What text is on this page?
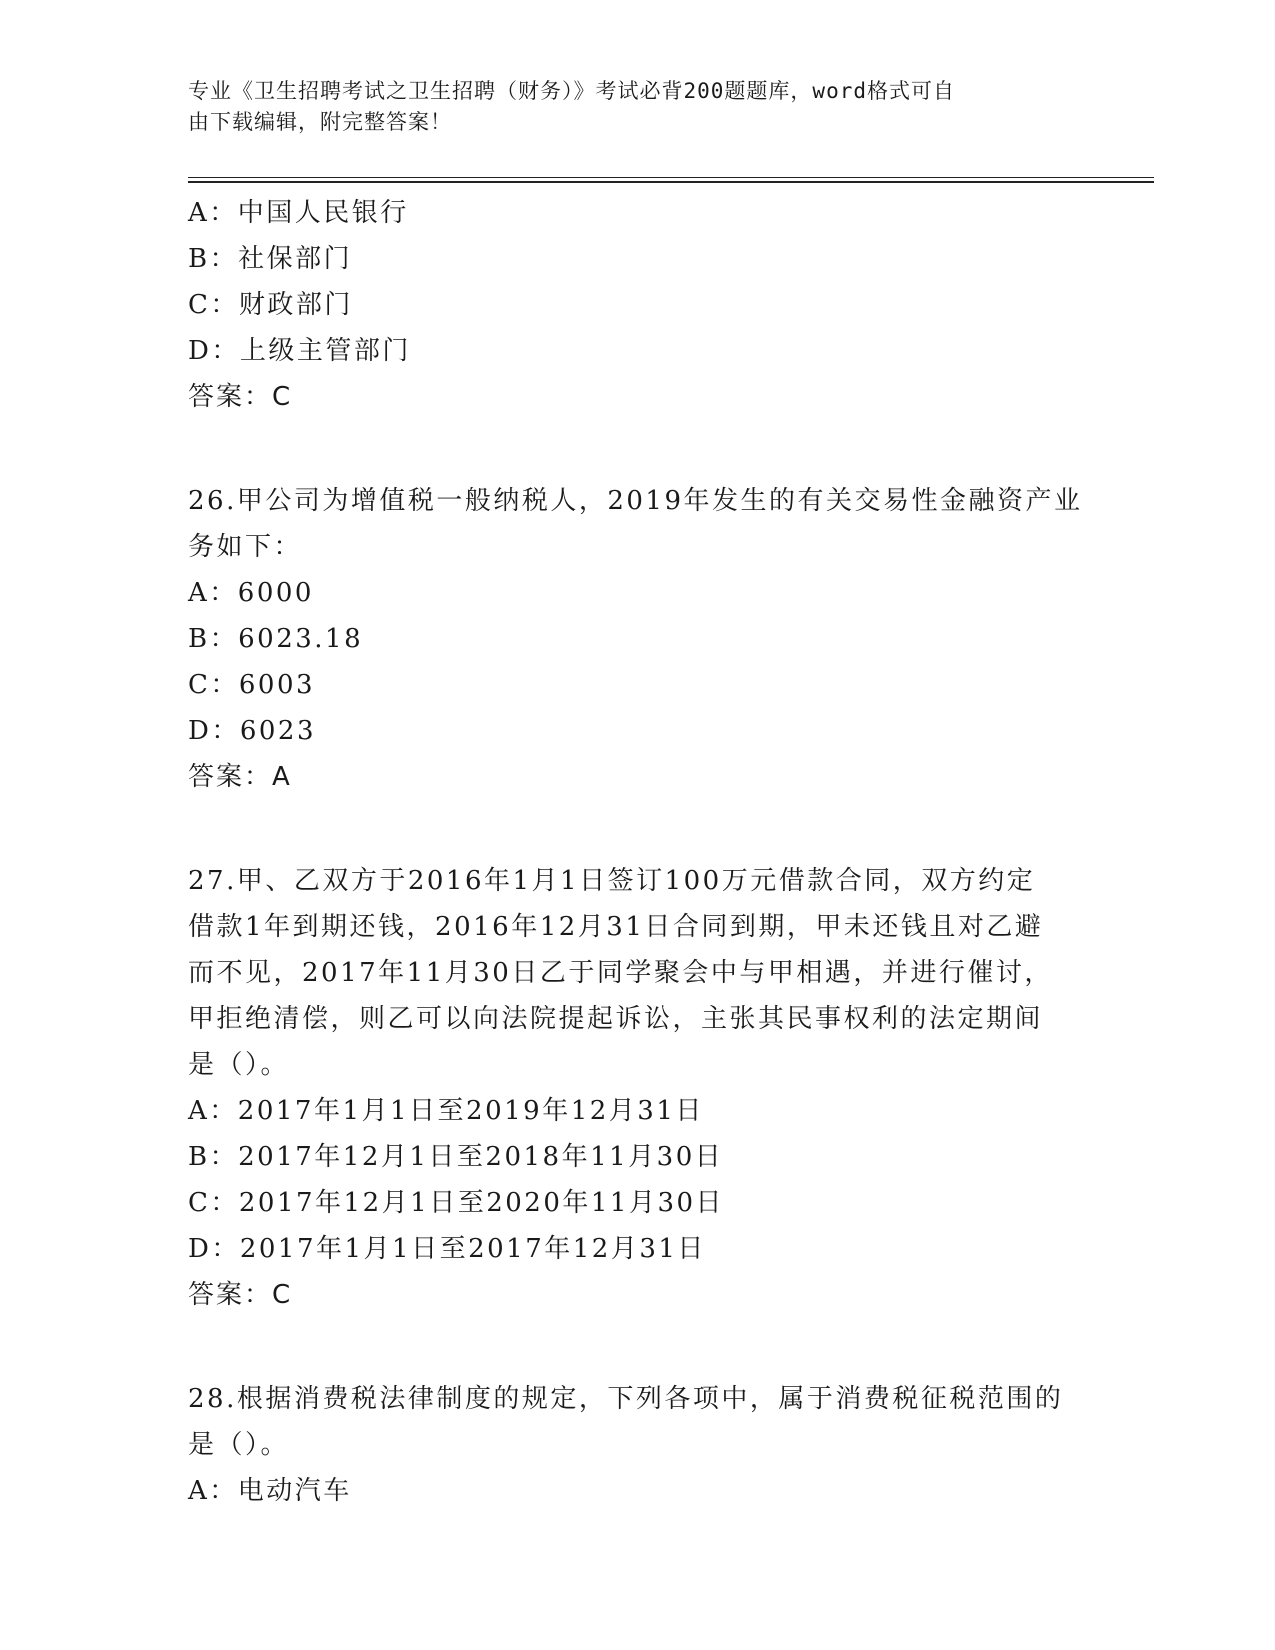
专业《卫生招聘考试之卫生招聘（财务）》考试必背200题题库，word格式可自
由下载编辑，附完整答案！
A：中国人民银行
B：社保部门
C：财政部门
D：上级主管部门
答案：C
26.甲公司为增值税一般纳税人，2019年发生的有关交易性金融资产业
务如下：
A：6000
B：6023.18
C：6003
D：6023
答案：A
27.甲、乙双方于2016年1月1日签订100万元借款合同，双方约定
借款1年到期还钱，2016年12月31日合同到期，甲未还钱且对乙避
而不见，2017年11月30日乙于同学聚会中与甲相遇，并进行催讨，
甲拒绝清偿，则乙可以向法院提起诉讼，主张其民事权利的法定期间
是（）。
A：2017年1月1日至2019年12月31日
B：2017年12月1日至2018年11月30日
C：2017年12月1日至2020年11月30日
D：2017年1月1日至2017年12月31日
答案：C
28.根据消费税法律制度的规定，下列各项中，属于消费税征税范围的
是（）。
A：电动汽车
